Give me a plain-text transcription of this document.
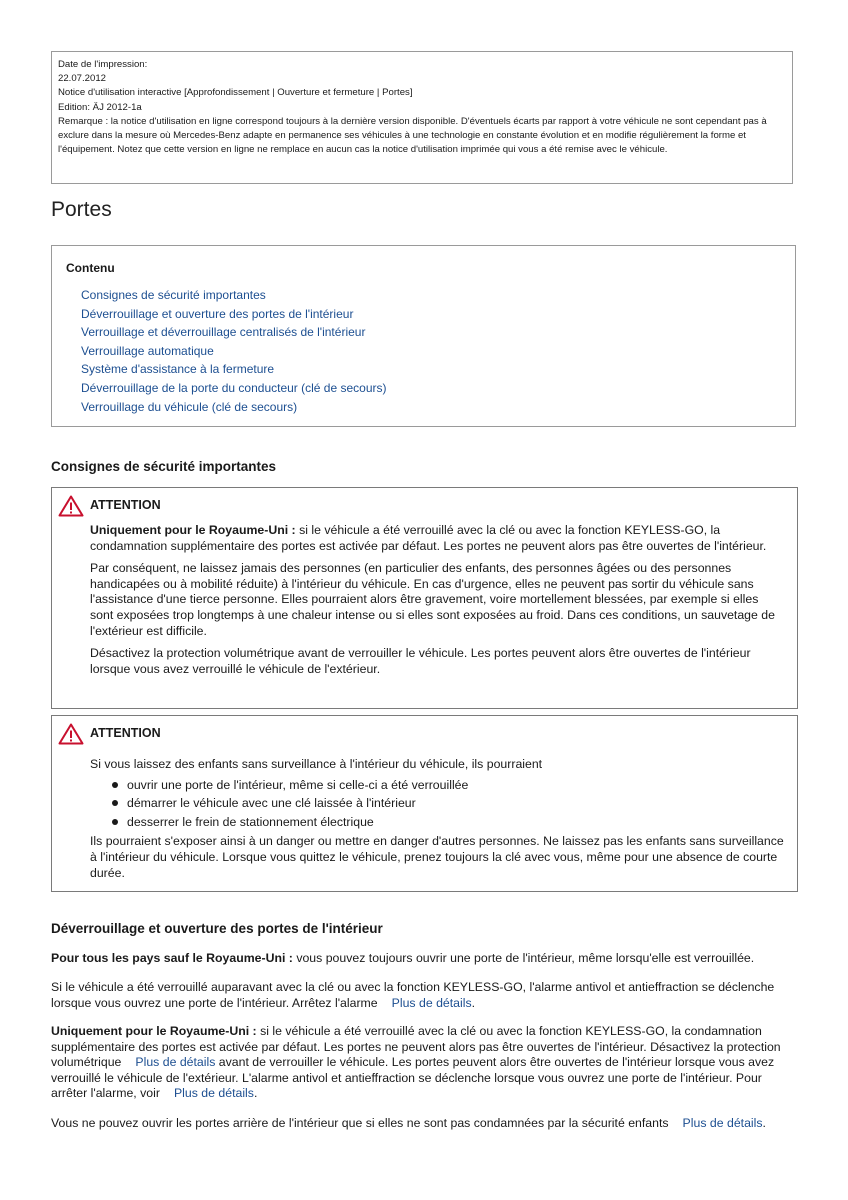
Date de l'impression:
22.07.2012
Notice d'utilisation interactive [Approfondissement | Ouverture et fermeture | Portes]
Edition: ÄJ 2012-1a
Remarque : la notice d'utilisation en ligne correspond toujours à la dernière version disponible. D'éventuels écarts par rapport à votre véhicule ne sont cependant pas à exclure dans la mesure où Mercedes-Benz adapte en permanence ses véhicules à une technologie en constante évolution et en modifie régulièrement la forme et l'équipement. Notez que cette version en ligne ne remplace en aucun cas la notice d'utilisation imprimée qui vous a été remise avec le véhicule.
Portes
Contenu
Consignes de sécurité importantes
Déverrouillage et ouverture des portes de l'intérieur
Verrouillage et déverrouillage centralisés de l'intérieur
Verrouillage automatique
Système d'assistance à la fermeture
Déverrouillage de la porte du conducteur (clé de secours)
Verrouillage du véhicule (clé de secours)
Consignes de sécurité importantes
ATTENTION

Uniquement pour le Royaume-Uni : si le véhicule a été verrouillé avec la clé ou avec la fonction KEYLESS-GO, la condamnation supplémentaire des portes est activée par défaut. Les portes ne peuvent alors pas être ouvertes de l'intérieur.

Par conséquent, ne laissez jamais des personnes (en particulier des enfants, des personnes âgées ou des personnes handicapées ou à mobilité réduite) à l'intérieur du véhicule. En cas d'urgence, elles ne peuvent pas sortir du véhicule sans l'assistance d'une tierce personne. Elles pourraient alors être gravement, voire mortellement blessées, par exemple si elles sont exposées trop longtemps à une chaleur intense ou si elles sont exposées au froid. Dans ces conditions, un sauvetage de l'extérieur est difficile.

Désactivez la protection volumétrique avant de verrouiller le véhicule. Les portes peuvent alors être ouvertes de l'intérieur lorsque vous avez verrouillé le véhicule de l'extérieur.

ATTENTION

Si vous laissez des enfants sans surveillance à l'intérieur du véhicule, ils pourraient

ouvrir une porte de l'intérieur, même si celle-ci a été verrouillée
démarrer le véhicule avec une clé laissée à l'intérieur
desserrer le frein de stationnement électrique

Ils pourraient s'exposer ainsi à un danger ou mettre en danger d'autres personnes. Ne laissez pas les enfants sans surveillance à l'intérieur du véhicule. Lorsque vous quittez le véhicule, prenez toujours la clé avec vous, même pour une absence de courte durée.

Déverrouillage et ouverture des portes de l'intérieur

Pour tous les pays sauf le Royaume-Uni : vous pouvez toujours ouvrir une porte de l'intérieur, même lorsqu'elle est verrouillée.

Si le véhicule a été verrouillé auparavant avec la clé ou avec la fonction KEYLESS-GO, l'alarme antivol et antieffraction se déclenche lorsque vous ouvrez une porte de l'intérieur. Arrêtez l'alarme Plus de détails.

Uniquement pour le Royaume-Uni : si le véhicule a été verrouillé avec la clé ou avec la fonction KEYLESS-GO, la condamnation supplémentaire des portes est activée par défaut. Les portes ne peuvent alors pas être ouvertes de l'intérieur. Désactivez la protection volumétrique Plus de détails avant de verrouiller le véhicule. Les portes peuvent alors être ouvertes de l'intérieur lorsque vous avez verrouillé le véhicule de l'extérieur. L'alarme antivol et antieffraction se déclenche lorsque vous ouvrez une porte de l'intérieur. Pour arrêter l'alarme, voir Plus de détails.

Vous ne pouvez ouvrir les portes arrière de l'intérieur que si elles ne sont pas condamnées par la sécurité enfants Plus de détails.
